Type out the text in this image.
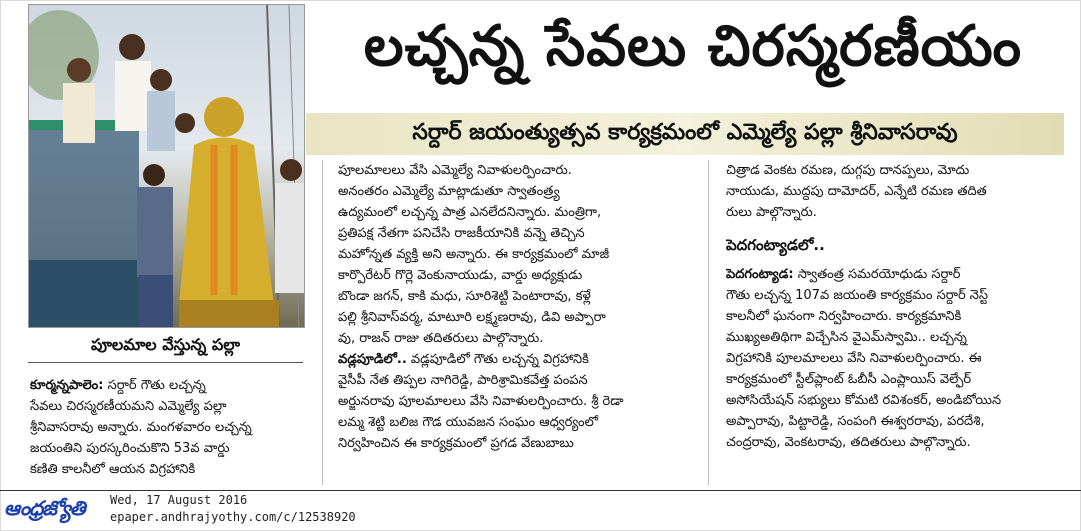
పూలమాల వేస్తున్న పల్లా
లచ్చన్న సేవలు చిరస్మరణీయం
సర్దార్ జయంత్యుత్సవ కార్యక్రమంలో ఎమ్మెల్యే పల్లా శ్రీనివాసరావు
కూర్మన్నపాలెం: సర్దార్ గౌతు లచ్చన్న
సేవలు చిరస్మరణీయమని ఎమ్మెల్యే పల్లా
శ్రీనివాసరావు అన్నారు. మంగళవారం లచ్చన్న
జయంతిని పురస్కరించుకొని 53వ వార్డు
కణితి కాలనీలో ఆయన విగ్రహానికి
పూలమాలలు వేసి ఎమ్మెల్యే నివాళులర్పించారు.
అనంతరం ఎమ్మెల్యే మాట్లాడుతూ స్వాతంత్ర్య
ఉద్యమంలో లచ్చన్న పాత్ర ఎనలేదనిన్నారు. మంత్రిగా,
ప్రతిపక్ష నేతగా పనిచేసి రాజకీయానికి వన్నె తెచ్చిన
మహోన్నత వ్యక్తి అని అన్నారు. ఈ కార్యక్రమంలో మాజీ
కార్పొరేటర్ గొర్లె వెంకునాయుడు, వార్డు అధ్యక్షుడు
బొండా జగన్, కాకి మధు, సూరిశెట్టి పెంటారావు, కళ్లే
పల్లి శ్రీనివాస్‌వర్మ, మాటూరి లక్ష్మణరావు, డివి అప్పారా
వు, రాజన్ రాజు తదితరులు పాల్గొన్నారు.
వడ్లపూడిలో.. వడ్లపూడిలో గౌతు లచ్చన్న విగ్రహానికి
వైసీపీ నేత తిప్పల నాగిరెడ్డి, పారిశ్రామికవేత్త పంపన
అర్జునరావు పూలమాలలు వేసి నివాళులర్పించారు. శ్రీ రెడా
లమ్మ శెట్టి బలిజ గౌడ యువజన సంఘం ఆధ్వర్యంలో
నిర్వహించిన ఈ కార్యక్రమంలో ప్రగడ వేణుబాబు
చిత్రాడ వెంకట రమణ, దుగ్గపు దానప్పలు, మోదు
నాయుడు, ముద్దపు దామోదర్, ఎన్నేటి రమణ తదిత
రులు పాల్గొన్నారు.
పెదగంట్యాడలో..
పెదగంట్యాడ: స్వాతంత్ర సమరయోధుడు సర్దార్
గౌతు లచ్చన్న 107వ జయంతి కార్యక్రమం సర్దార్ నెస్ట్
కాలనీలో ఘనంగా నిర్వహించారు. కార్యక్రమానికి
ముఖ్యఅతిథిగా విచ్చేసిన వైఎమ్‌స్వామి.. లచ్చన్న
విగ్రహానికి పూలమాలలు వేసి నివాళులర్పించారు. ఈ
కార్యక్రమంలో స్టీల్‌ప్లాంట్ ఓబీసీ ఎంప్లాయిస్ వెల్ఫేర్
అసోసియేషన్ సభ్యులు కోమటి రవిశంకర్, అండిబోయిన
అప్పారావు, పిట్టారెడ్డి, సంపంగి ఈశ్వరరావు, పరదేశి,
చంద్రరావు, వెంకటరావు, తదితరులు పాల్గొన్నారు.
ఆంధ్రజ్యోతి Wed, 17 August 2016
epaper.andhrajyothy.com/c/12538920
